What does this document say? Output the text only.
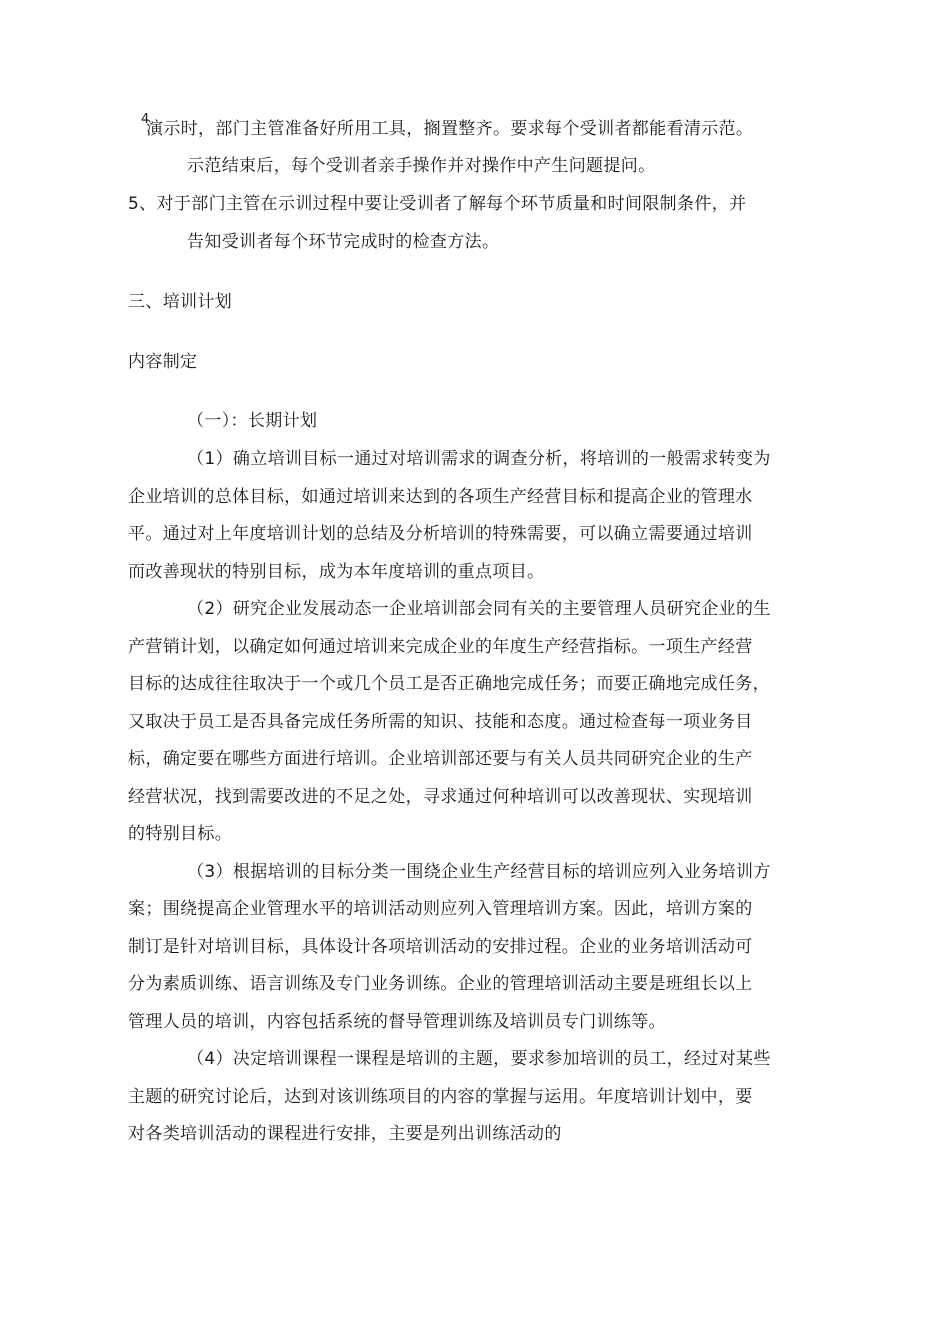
4
演示时，部门主管准备好所用工具，搁置整齐。要求每个受训者都能看清示范。
示范结束后，每个受训者亲手操作并对操作中产生问题提问。
5、对于部门主管在示训过程中要让受训者了解每个环节质量和时间限制条件，并
告知受训者每个环节完成时的检查方法。
三、培训计划
内容制定
（一）：长期计划
（1）确立培训目标一通过对培训需求的调查分析，将培训的一般需求转变为
企业培训的总体目标，如通过培训来达到的各项生产经营目标和提高企业的管理水
平。通过对上年度培训计划的总结及分析培训的特殊需要，可以确立需要通过培训
而改善现状的特别目标，成为本年度培训的重点项目。
（2）研究企业发展动态一企业培训部会同有关的主要管理人员研究企业的生
产营销计划，以确定如何通过培训来完成企业的年度生产经营指标。一项生产经营
目标的达成往往取决于一个或几个员工是否正确地完成任务；而要正确地完成任务，
又取决于员工是否具备完成任务所需的知识、技能和态度。通过检查每一项业务目
标，确定要在哪些方面进行培训。企业培训部还要与有关人员共同研究企业的生产
经营状况，找到需要改进的不足之处，寻求通过何种培训可以改善现状、实现培训
的特别目标。
（3）根据培训的目标分类一围绕企业生产经营目标的培训应列入业务培训方
案；围绕提高企业管理水平的培训活动则应列入管理培训方案。因此，培训方案的
制订是针对培训目标，具体设计各项培训活动的安排过程。企业的业务培训活动可
分为素质训练、语言训练及专门业务训练。企业的管理培训活动主要是班组长以上
管理人员的培训，内容包括系统的督导管理训练及培训员专门训练等。
（4）决定培训课程一课程是培训的主题，要求参加培训的员工，经过对某些
主题的研究讨论后，达到对该训练项目的内容的掌握与运用。年度培训计划中，要
对各类培训活动的课程进行安排，主要是列出训练活动的
